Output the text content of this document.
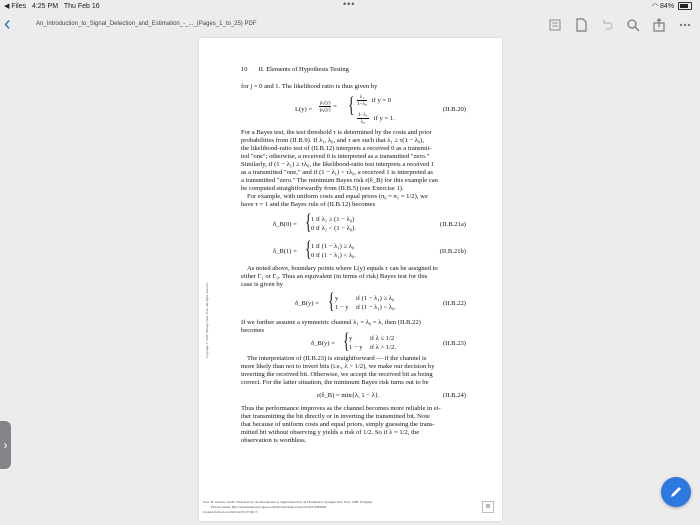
◀ Files 4:25 PM Thu Feb 16	•••	◠ 84%
‹	An_Introduction_to_Signal_Detection_and_Estimation_-_..._(Pages_1_to_25) PDF
10 II. Elements of Hypothesis Testing
for j = 0 and 1. The likelihood ratio is thus given by
$L(y) = \frac{\text{p₁(y)}}{\text{p₀(y)}}$ = { $\frac{\text{λ₁}}{\text{1−λ₀}}$ if y = 0
$\frac{\text{1−λ₁}}{\text{λ₀}}$ if y = 1.
(II.B.20)
For a Bayes test, the test threshold τ is determined by the costs and prior
probabilities from (II.B.9). If λ₁, λ₀, and τ are such that λ₁ ≥ τ(1 − λ₀),
the likelihood-ratio test of (II.B.12) interprets a received 0 as a transmit-
ted "one"; otherwise, a received 0 is interpreted as a transmitted "zero."
Similarly, if (1 − λ₁) ≥ τλ₀, the likelihood-ratio test interprets a received 1
as a transmitted "one," and if (1 − λ₁) < τλ₀, a received 1 is interpreted as
a transmitted "zero." The minimum Bayes risk r(δ_B) for this example can
be computed straightforwardly from (II.B.5) (see Exercise 1).
For example, with uniform costs and equal priors (π₀ = π₁ = 1/2), we
have τ = 1 and the Bayes rule of (II.B.12) becomes
δ_B(0) = { 1 if λ₁ ≥ (1 − λ₀)
0 if λ₁ < (1 − λ₀).
(II.B.21a)
δ_B(1) = { 1 if (1 − λ₁) ≥ λ₀
0 if (1 − λ₁) < λ₀.
(II.B.21b)
As noted above, boundary points where L(y) equals τ can be assigned to
either Γ₁ or Γ₀. Thus an equivalent (in terms of risk) Bayes test for this
case is given by
δ_B(y) = { y	if (1 − λ₁) ≥ λ₀
1 − y if (1 − λ₁) < λ₀.
(II.B.22)
If we further assume a symmetric channel λ₁ = λ₀ = λ, then (II.B.22)
becomes
δ_B(y) = { y	if λ ≤ 1/2
1 − y if λ > 1/2.
(II.B.23)
The interpretation of (II.B.23) is straightforward — if the channel is
more likely than not to invert bits (i.e., λ > 1/2), we make our decision by
inverting the received bit. Otherwise, we accept the received bit as being
correct. For the latter situation, the minimum Bayes risk turns out to be
r(δ_B) = min{λ, 1 − λ}.	(II.B.24)
Thus the performance improves as the channel becomes more reliable in ei-
ther transmitting the bit directly or in inverting the transmitted bit. Note
that because of uniform costs and equal priors, simply guessing the trans-
mitted bit without observing y yields a risk of 1/2. So if λ = 1/2, the
observation is worthless.
Copyright © 1988. Springer New York. All rights reserved.
Poor, H. Vincent, and H. Vincent Poor. An Introduction to Signal Detection and Estimation, Springer New York, 1988. ProQuest
Ebook Central, http://ebookcentral.proquest.com/lib/sdsl/detail.action?docID=3084806.
Created from uh on 2023-02-05 07:49:17.
⊠
›
